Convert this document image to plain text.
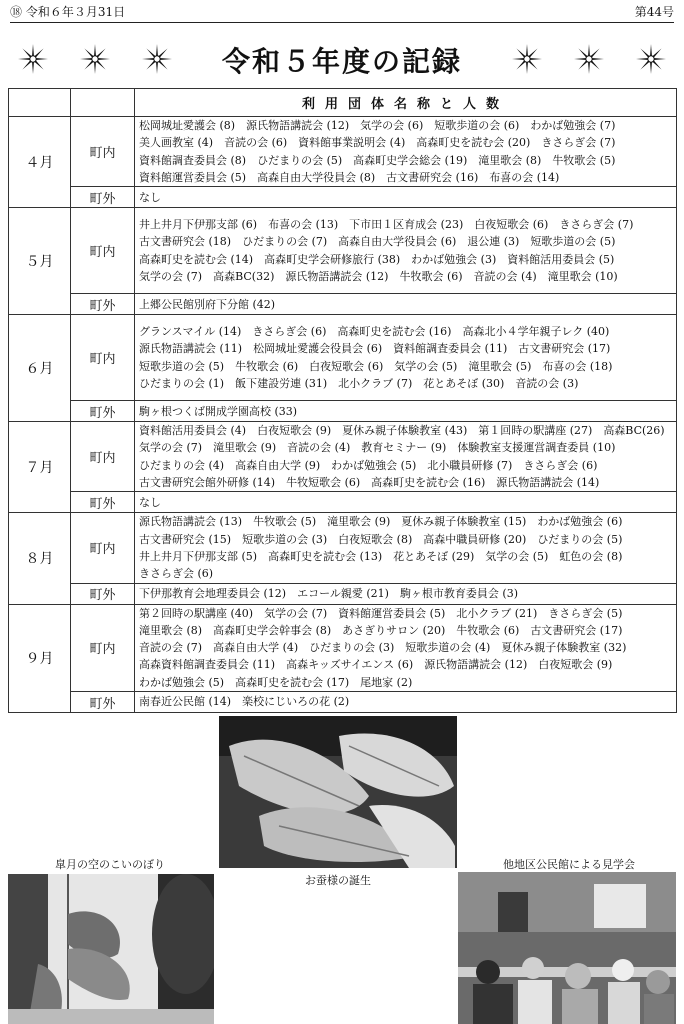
⑱ 令和６年３月31日	第44号
令和５年度の記録
		利用団体名称と人数
４月	町内	松岡城址愛護会 (8)　 源氏物語講読会 (12)　 気学の会 (6)　 短歌歩道の会 (6)　 わかば勉強会 (7)　美人画教室 (4)　 音読の会 (6)　 資料館事業説明会 (4)　 高森町史を読む会 (20)　 きさらぎ会 (7)　資料館調査委員会 (8)　 ひだまりの会 (5)　 高森町史学会総会 (19)　 滝里歌会 (8)　 牛牧歌会 (5)　資料館運営委員会 (5)　 高森自由大学役員会 (8)　 古文書研究会 (16)　 布喜の会 (14)　
	町外	なし　
５月	町内	井上井月下伊那支部 (6)　 布喜の会 (13)　 下市田１区育成会 (23)　 白夜短歌会 (6)　 きさらぎ会 (7)　古文書研究会 (18)　 ひだまりの会 (7)　 高森自由大学役員会 (6)　 退公連 (3)　 短歌歩道の会 (5)　高森町史を読む会 (14)　 高森町史学会研修旅行 (38)　 わかば勉強会 (3)　 資料館活用委員会 (5)　気学の会 (7)　 高森BC(32)　 源氏物語講読会 (12)　 牛牧歌会 (6)　 音読の会 (4)　 滝里歌会 (10)　
	町外	上郷公民館別府下分館 (42)　
６月	町内	グランスマイル (14)　 きさらぎ会 (6)　 高森町史を読む会 (16)　 高森北小４学年親子レク (40)　源氏物語講読会 (11)　 松岡城址愛護会役員会 (6)　 資料館調査委員会 (11)　 古文書研究会 (17)　短歌歩道の会 (5)　 牛牧歌会 (6)　 白夜短歌会 (6)　 気学の会 (5)　 滝里歌会 (5)　 布喜の会 (18)　ひだまりの会 (1)　 飯下建設労連 (31)　 北小クラブ (7)　 花とあそぼ (30)　 音読の会 (3)　
	町外	駒ヶ根つくば開成学園高校 (33)　
７月	町内	資料館活用委員会 (4)　 白夜短歌会 (9)　 夏休み親子体験教室 (43)　 第１回時の駅講座 (27)　 高森BC(26)　気学の会 (7)　 滝里歌会 (9)　 音読の会 (4)　 教育セミナー (9)　 体験教室支援運営調査委員 (10)　ひだまりの会 (4)　 高森自由大学 (9)　 わかば勉強会 (5)　 北小職員研修 (7)　 きさらぎ会 (6)　古文書研究会館外研修 (14)　 牛牧短歌会 (6)　 高森町史を読む会 (16)　 源氏物語講読会 (14)　
	町外	なし　
８月	町内	源氏物語講読会 (13)　 牛牧歌会 (5)　 滝里歌会 (9)　 夏休み親子体験教室 (15)　 わかば勉強会 (6)　古文書研究会 (15)　 短歌歩道の会 (3)　 白夜短歌会 (8)　 高森中職員研修 (20)　 ひだまりの会 (5)　井上井月下伊那支部 (5)　 高森町史を読む会 (13)　 花とあそぼ (29)　 気学の会 (5)　 虹色の会 (8)　きさらぎ会 (6)　
	町外	下伊那教育会地理委員会 (12)　 エコール親愛 (21)　 駒ヶ根市教育委員会 (3)　
９月	町内	第２回時の駅講座 (40)　 気学の会 (7)　 資料館運営委員会 (5)　 北小クラブ (21)　 きさらぎ会 (5)　滝里歌会 (8)　 高森町史学会幹事会 (8)　 あさぎりサロン (20)　 牛牧歌会 (6)　 古文書研究会 (17)　音読の会 (7)　 高森自由大学 (4)　 ひだまりの会 (3)　 短歌歩道の会 (4)　 夏休み親子体験教室 (32)　高森資料館調査委員会 (11)　 高森キッズサイエンス (6)　 源氏物語講読会 (12)　 白夜短歌会 (9)　わかば勉強会 (5)　 高森町史を読む会 (17)　 尾地家 (2)　
	町外	南春近公民館 (14)　 楽校にじいろの花 (2)　
お蚕様の誕生
皐月の空のこいのぼり	他地区公民館による見学会
